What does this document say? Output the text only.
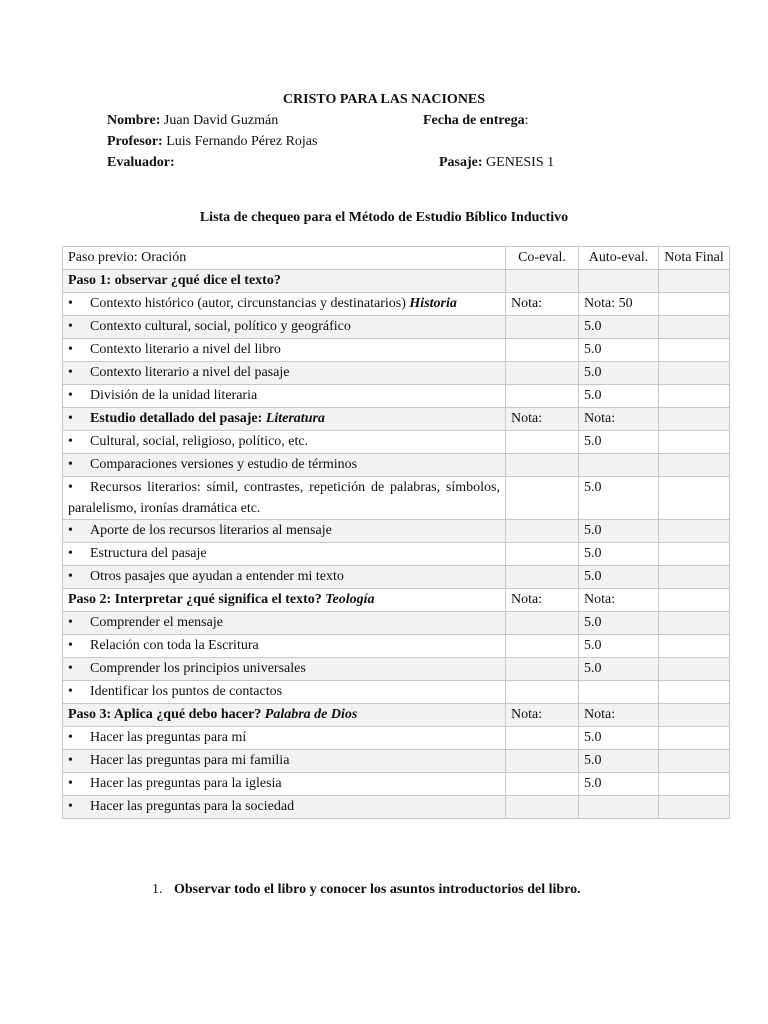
CRISTO PARA LAS NACIONES
Nombre: Juan David Guzmán	Fecha de entrega:
Profesor: Luis Fernando Pérez Rojas
Evaluador:	Pasaje: GENESIS 1
Lista de chequeo para el Método de Estudio Bíblico Inductivo
Paso previo: Oración	Co-eval.	Auto-eval.	Nota Final
Paso 1: observar ¿qué dice el texto?			
• Contexto histórico (autor, circunstancias y destinatarios) Historia	Nota:	Nota: 50	
• Contexto cultural, social, político y geográfico		5.0	
• Contexto literario a nivel del libro		5.0	
• Contexto literario a nivel del pasaje		5.0	
• División de la unidad literaria		5.0	
• Estudio detallado del pasaje: Literatura	Nota:	Nota:	
• Cultural, social, religioso, político, etc.		5.0	
• Comparaciones versiones y estudio de términos			
• Recursos literarios: símil, contrastes, repetición de palabras, símbolos, paralelismo, ironías dramática etc.		5.0	
• Aporte de los recursos literarios al mensaje		5.0	
• Estructura del pasaje		5.0	
• Otros pasajes que ayudan a entender mi texto		5.0	
Paso 2: Interpretar ¿qué significa el texto? Teología	Nota:	Nota:	
• Comprender el mensaje		5.0	
• Relación con toda la Escritura		5.0	
• Comprender los principios universales		5.0	
• Identificar los puntos de contactos			
Paso 3: Aplica ¿qué debo hacer? Palabra de Dios	Nota:	Nota:	
• Hacer las preguntas para mí		5.0	
• Hacer las preguntas para mi familia		5.0	
• Hacer las preguntas para la iglesia		5.0	
• Hacer las preguntas para la sociedad			
1. Observar todo el libro y conocer los asuntos introductorios del libro.
